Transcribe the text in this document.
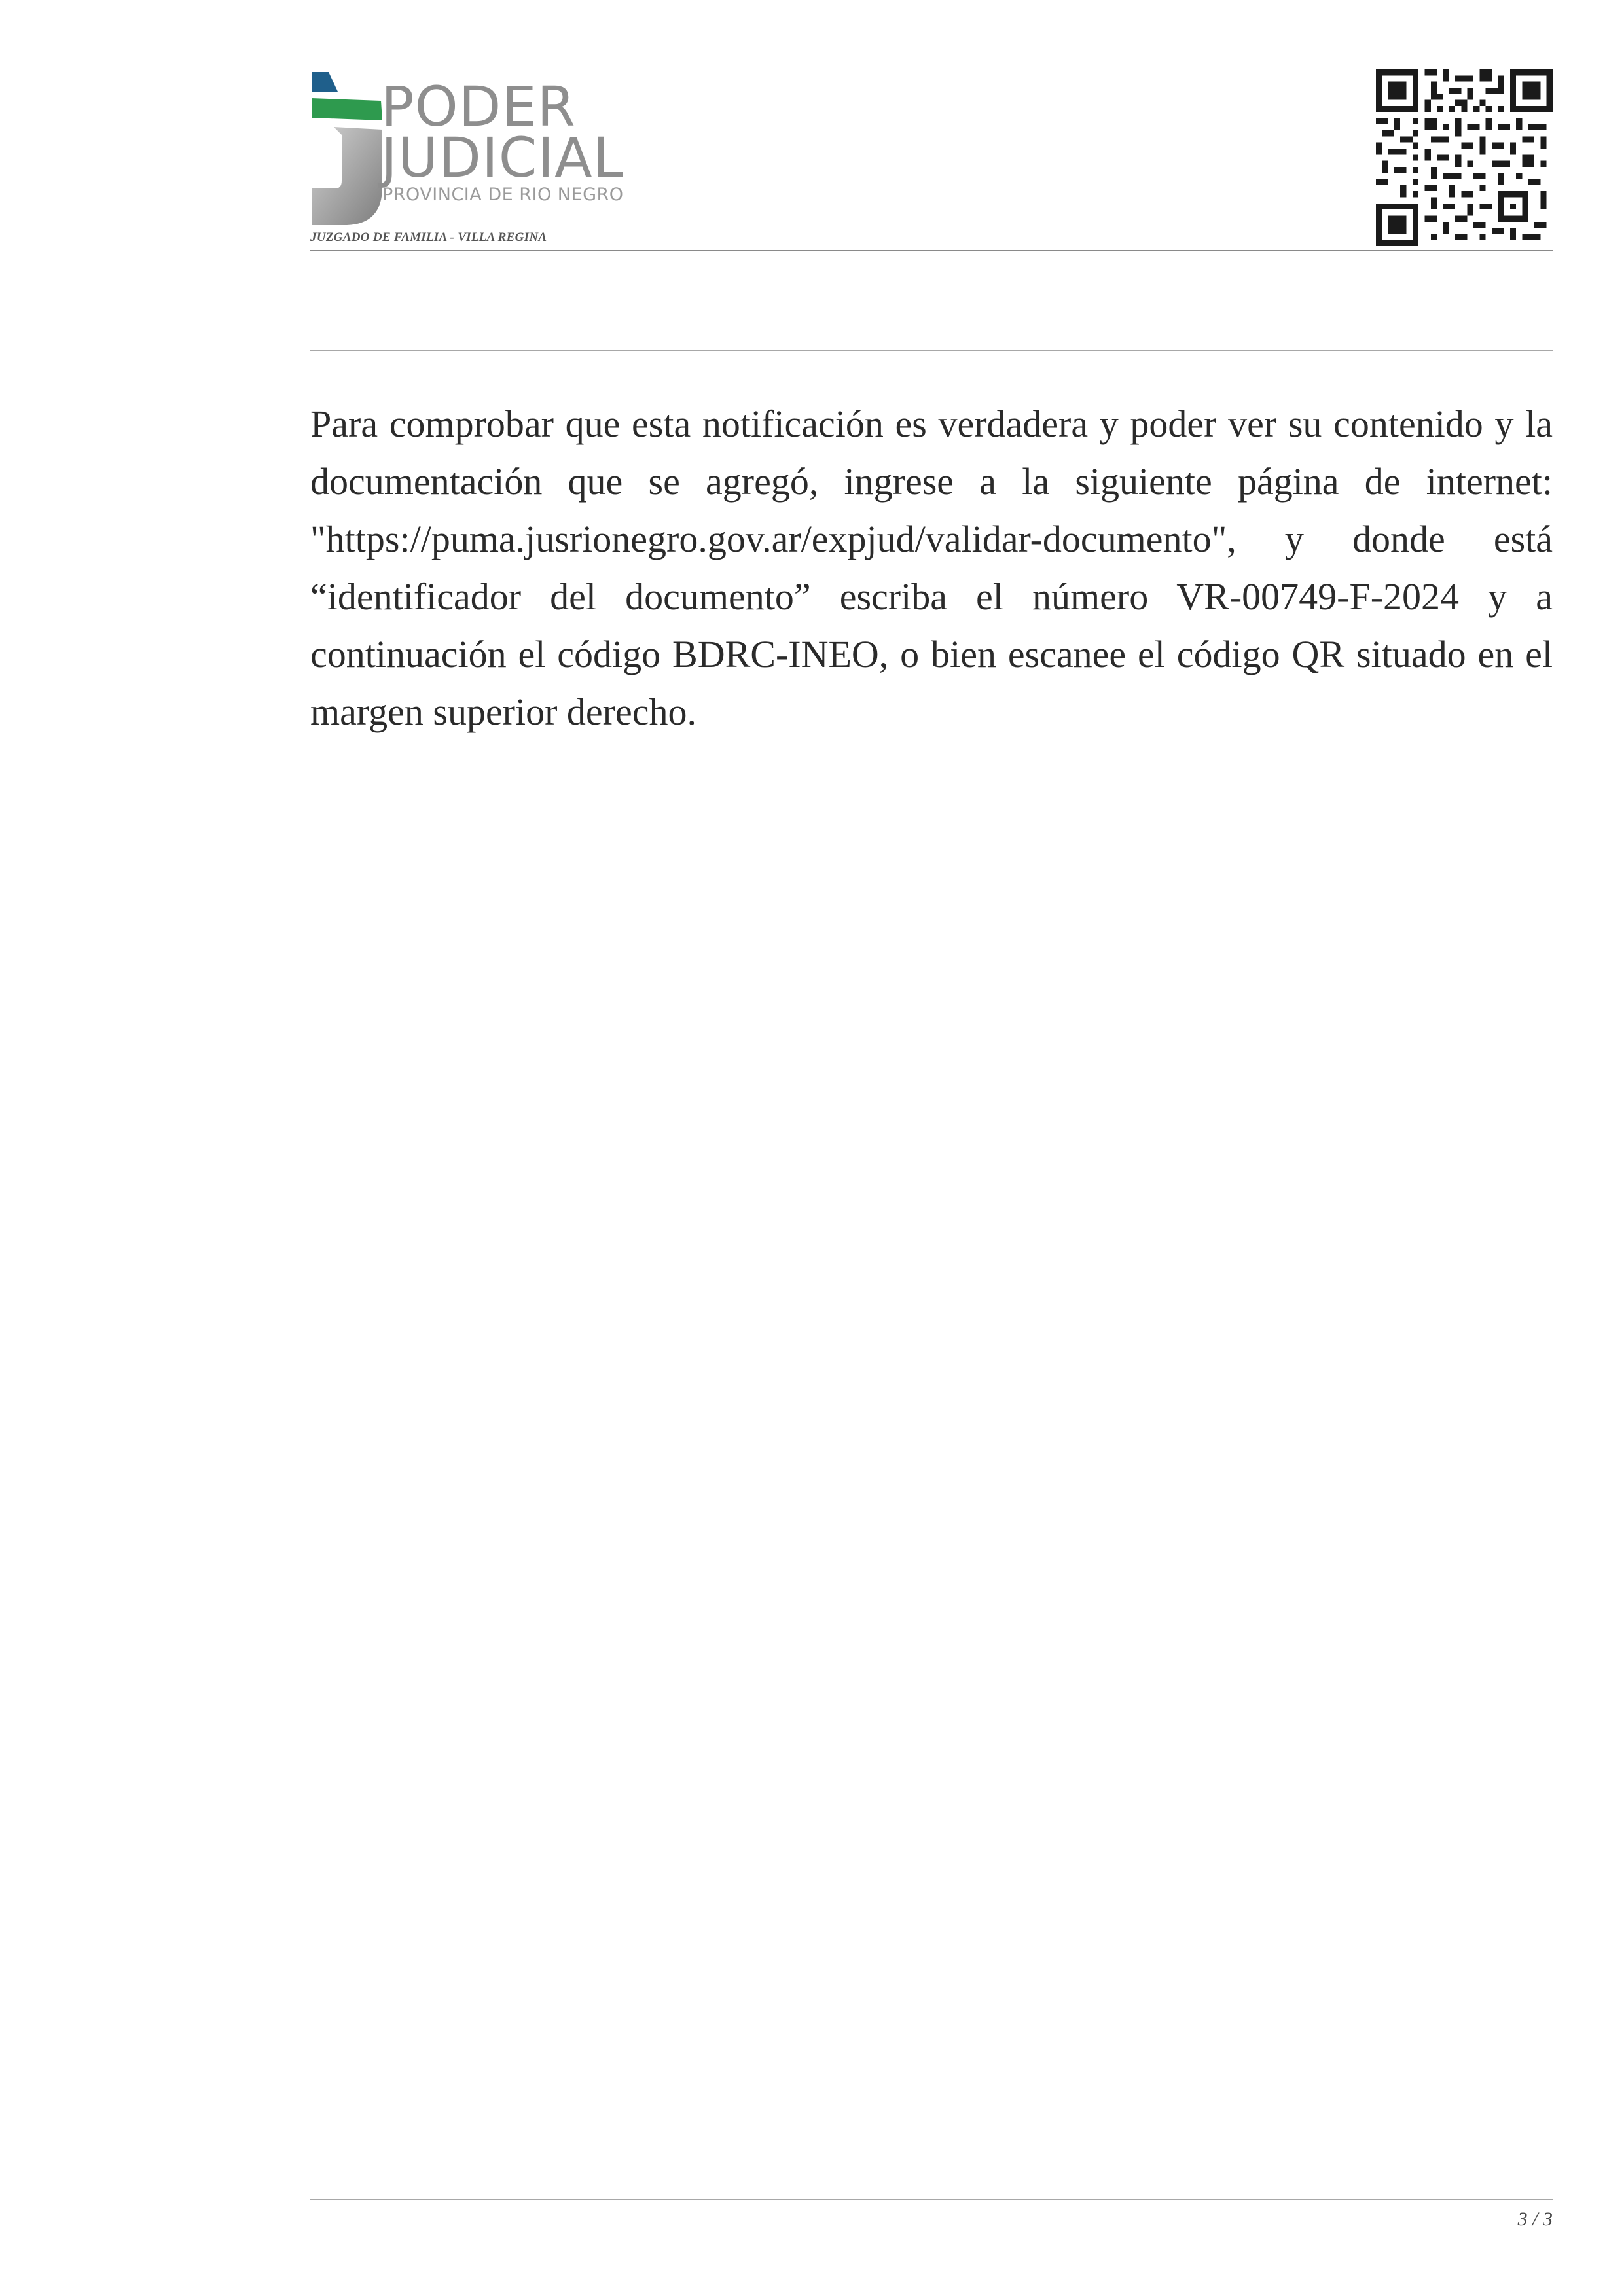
PODER
JUDICIAL
PROVINCIA DE RIO NEGRO
JUZGADO DE FAMILIA - VILLA REGINA

Para comprobar que esta notificación es verdadera y poder ver su contenido y la documentación que se agregó, ingrese a la siguiente página de internet: "https://puma.jusrionegro.gov.ar/expjud/validar-documento", y donde está “identificador del documento” escriba el número VR-00749-F-2024 y a continuación el código BDRC-INEO, o bien escanee el código QR situado en el margen superior derecho.

3 / 3
